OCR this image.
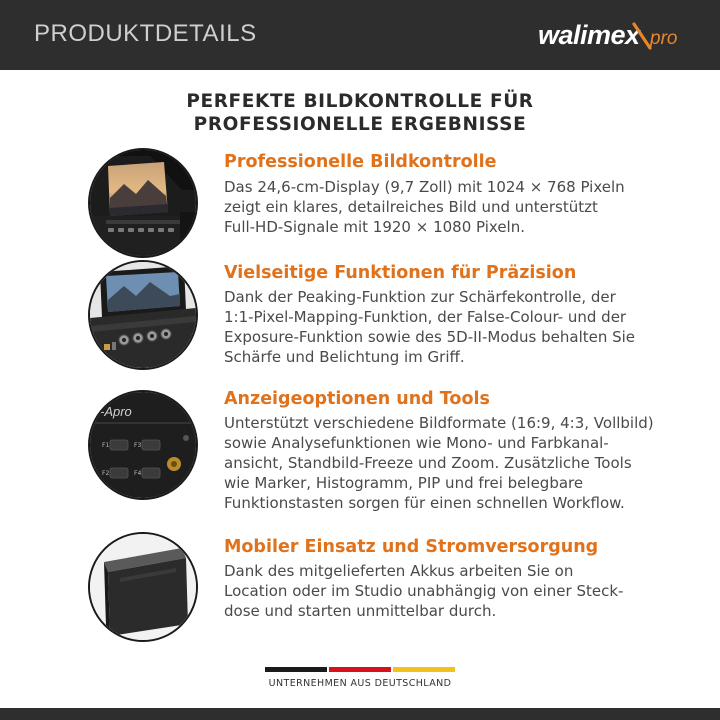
PRODUKTDETAILS	walimex pro
PERFEKTE BILDKONTROLLE FÜR
PROFESSIONELLE ERGEBNISSE
Professionelle Bildkontrolle
Das 24,6-cm-Display (9,7 Zoll) mit 1024 × 768 Pixeln
zeigt ein klares, detailreiches Bild und unterstützt
Full-HD-Signale mit 1920 × 1080 Pixeln.
Vielseitige Funktionen für Präzision
Dank der Peaking-Funktion zur Schärfekontrolle, der
1:1-Pixel-Mapping-Funktion, der False-Colour- und der
Exposure-Funktion sowie des 5D-II-Modus behalten Sie
Schärfe und Belichtung im Griff.
-Apro
F1	F3
F2	F4
Anzeigeoptionen und Tools
Unterstützt verschiedene Bildformate (16:9, 4:3, Vollbild)
sowie Analysefunktionen wie Mono- und Farbkanal-
ansicht, Standbild-Freeze und Zoom. Zusätzliche Tools
wie Marker, Histogramm, PIP und frei belegbare
Funktionstasten sorgen für einen schnellen Workflow.
Mobiler Einsatz und Stromversorgung
Dank des mitgelieferten Akkus arbeiten Sie on
Location oder im Studio unabhängig von einer Steck-
dose und starten unmittelbar durch.
UNTERNEHMEN AUS DEUTSCHLAND
